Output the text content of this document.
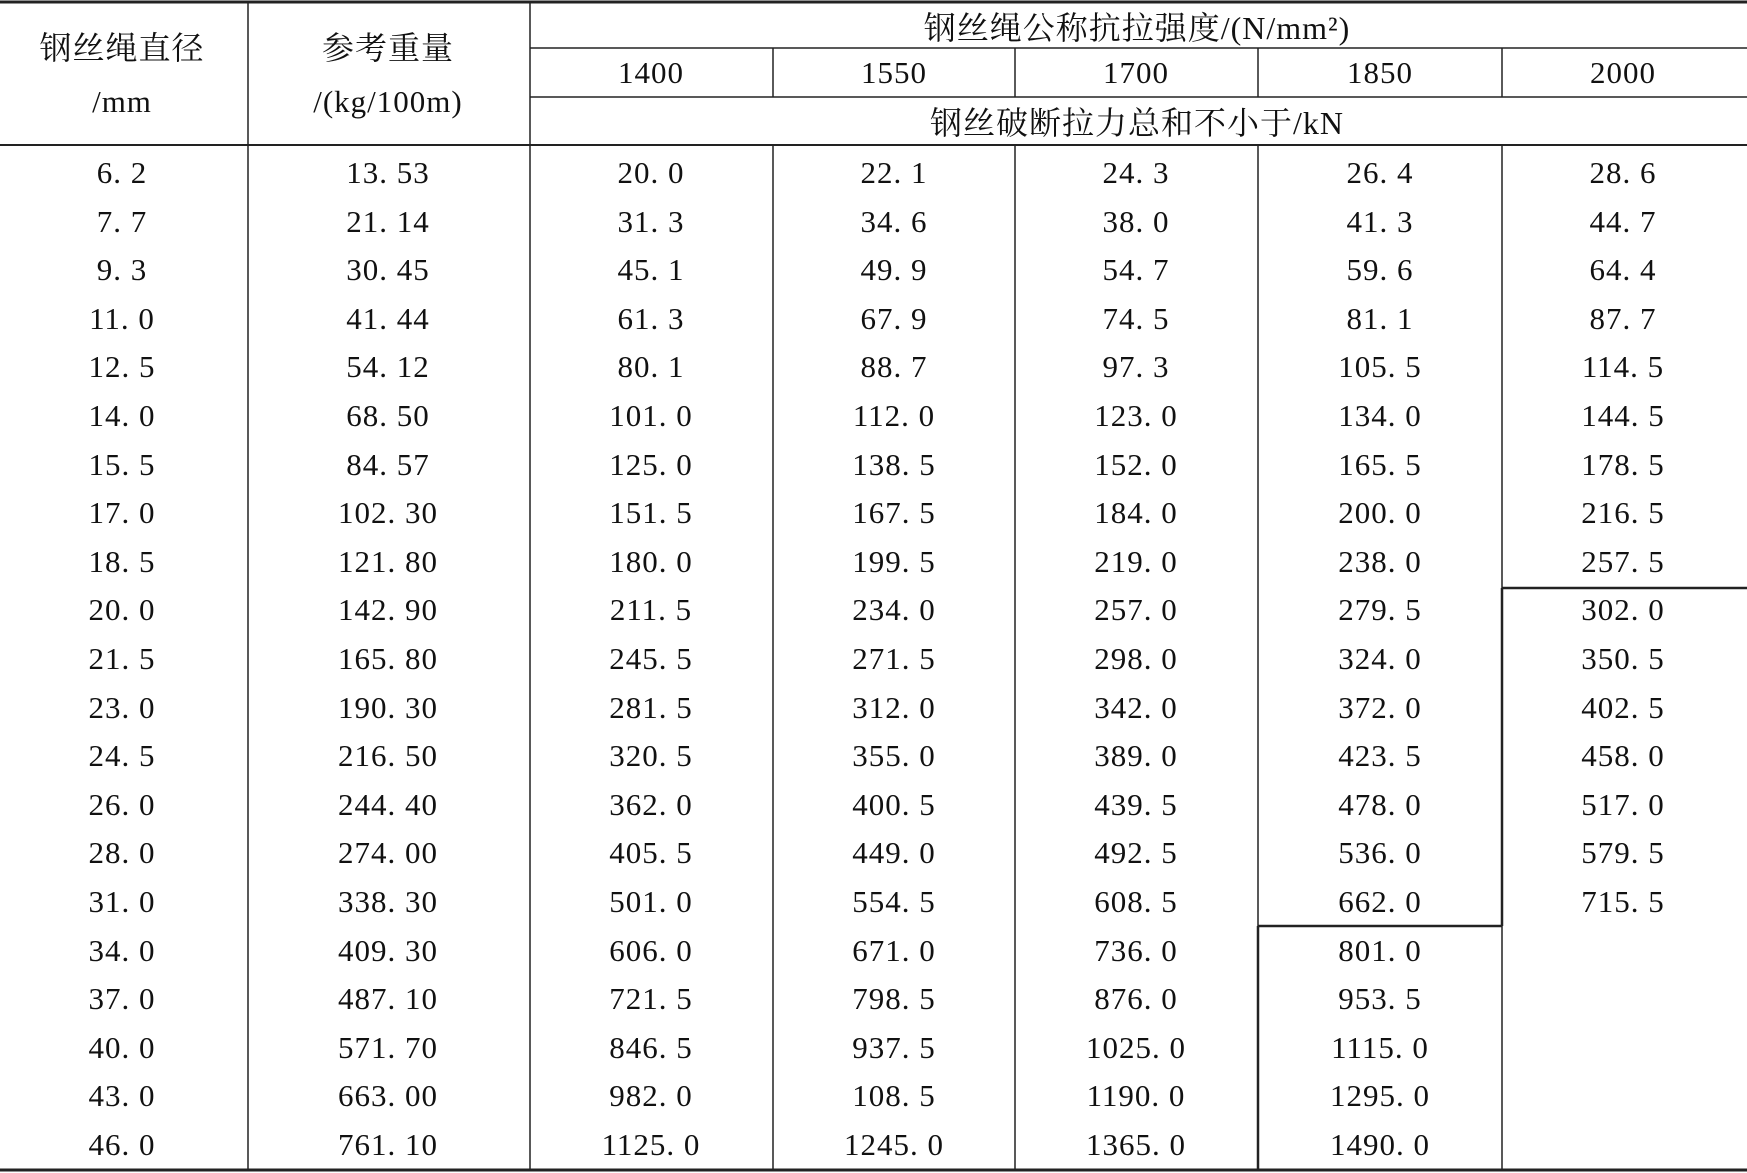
钢丝绳直径
/mm
参考重量
/(kg/100m)
钢丝绳公称抗拉强度/(N/mm²)
1400	1550	1700	1850	2000
钢丝破断拉力总和不小于/kN
6. 2	13. 53	20. 0	22. 1	24. 3	26. 4	28. 6
7. 7	21. 14	31. 3	34. 6	38. 0	41. 3	44. 7
9. 3	30. 45	45. 1	49. 9	54. 7	59. 6	64. 4
11. 0	41. 44	61. 3	67. 9	74. 5	81. 1	87. 7
12. 5	54. 12	80. 1	88. 7	97. 3	105. 5	114. 5
14. 0	68. 50	101. 0	112. 0	123. 0	134. 0	144. 5
15. 5	84. 57	125. 0	138. 5	152. 0	165. 5	178. 5
17. 0	102. 30	151. 5	167. 5	184. 0	200. 0	216. 5
18. 5	121. 80	180. 0	199. 5	219. 0	238. 0	257. 5
20. 0	142. 90	211. 5	234. 0	257. 0	279. 5	302. 0
21. 5	165. 80	245. 5	271. 5	298. 0	324. 0	350. 5
23. 0	190. 30	281. 5	312. 0	342. 0	372. 0	402. 5
24. 5	216. 50	320. 5	355. 0	389. 0	423. 5	458. 0
26. 0	244. 40	362. 0	400. 5	439. 5	478. 0	517. 0
28. 0	274. 00	405. 5	449. 0	492. 5	536. 0	579. 5
31. 0	338. 30	501. 0	554. 5	608. 5	662. 0	715. 5
34. 0	409. 30	606. 0	671. 0	736. 0	801. 0
37. 0	487. 10	721. 5	798. 5	876. 0	953. 5
40. 0	571. 70	846. 5	937. 5	1025. 0	1115. 0
43. 0	663. 00	982. 0	108. 5	1190. 0	1295. 0
46. 0	761. 10	1125. 0	1245. 0	1365. 0	1490. 0
